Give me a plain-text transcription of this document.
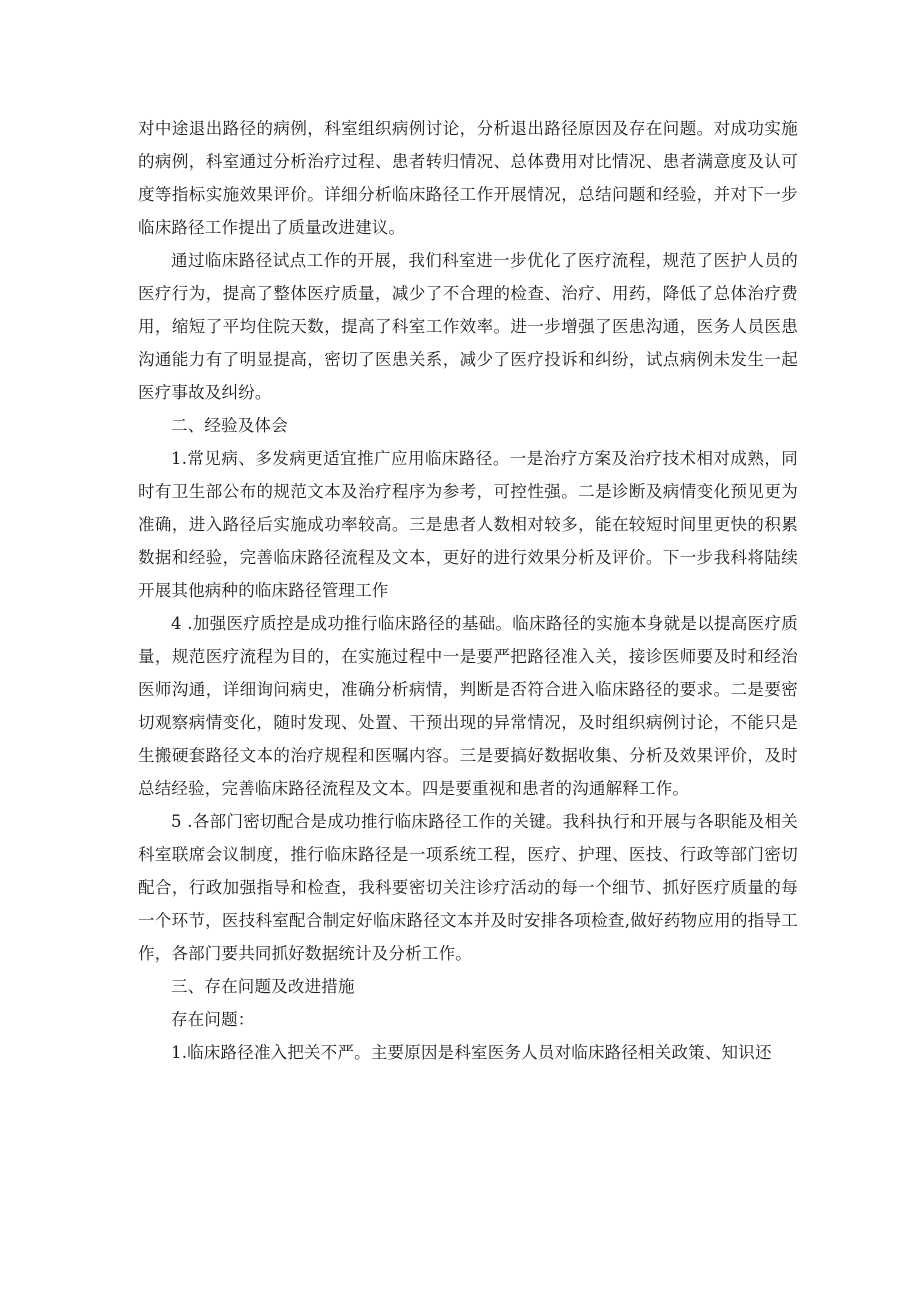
对中途退出路径的病例，科室组织病例讨论，分析退出路径原因及存在问题。对成功实施的病例，科室通过分析治疗过程、患者转归情况、总体费用对比情况、患者满意度及认可度等指标实施效果评价。详细分析临床路径工作开展情况，总结问题和经验，并对下一步临床路径工作提出了质量改进建议。

通过临床路径试点工作的开展，我们科室进一步优化了医疗流程，规范了医护人员的医疗行为，提高了整体医疗质量，减少了不合理的检查、治疗、用药，降低了总体治疗费用，缩短了平均住院天数，提高了科室工作效率。进一步增强了医患沟通，医务人员医患沟通能力有了明显提高，密切了医患关系，减少了医疗投诉和纠纷，试点病例未发生一起医疗事故及纠纷。

二、经验及体会

1.常见病、多发病更适宜推广应用临床路径。一是治疗方案及治疗技术相对成熟，同时有卫生部公布的规范文本及治疗程序为参考，可控性强。二是诊断及病情变化预见更为准确，进入路径后实施成功率较高。三是患者人数相对较多，能在较短时间里更快的积累数据和经验，完善临床路径流程及文本，更好的进行效果分析及评价。下一步我科将陆续开展其他病种的临床路径管理工作

4 .加强医疗质控是成功推行临床路径的基础。临床路径的实施本身就是以提高医疗质量，规范医疗流程为目的，在实施过程中一是要严把路径准入关，接诊医师要及时和经治医师沟通，详细询问病史，准确分析病情，判断是否符合进入临床路径的要求。二是要密切观察病情变化，随时发现、处置、干预出现的异常情况，及时组织病例讨论，不能只是生搬硬套路径文本的治疗规程和医嘱内容。三是要搞好数据收集、分析及效果评价，及时总结经验，完善临床路径流程及文本。四是要重视和患者的沟通解释工作。

5 .各部门密切配合是成功推行临床路径工作的关键。我科执行和开展与各职能及相关科室联席会议制度，推行临床路径是一项系统工程，医疗、护理、医技、行政等部门密切配合，行政加强指导和检查，我科要密切关注诊疗活动的每一个细节、抓好医疗质量的每一个环节，医技科室配合制定好临床路径文本并及时安排各项检查,做好药物应用的指导工作，各部门要共同抓好数据统计及分析工作。

三、存在问题及改进措施

存在问题：

1.临床路径准入把关不严。主要原因是科室医务人员对临床路径相关政策、知识还
